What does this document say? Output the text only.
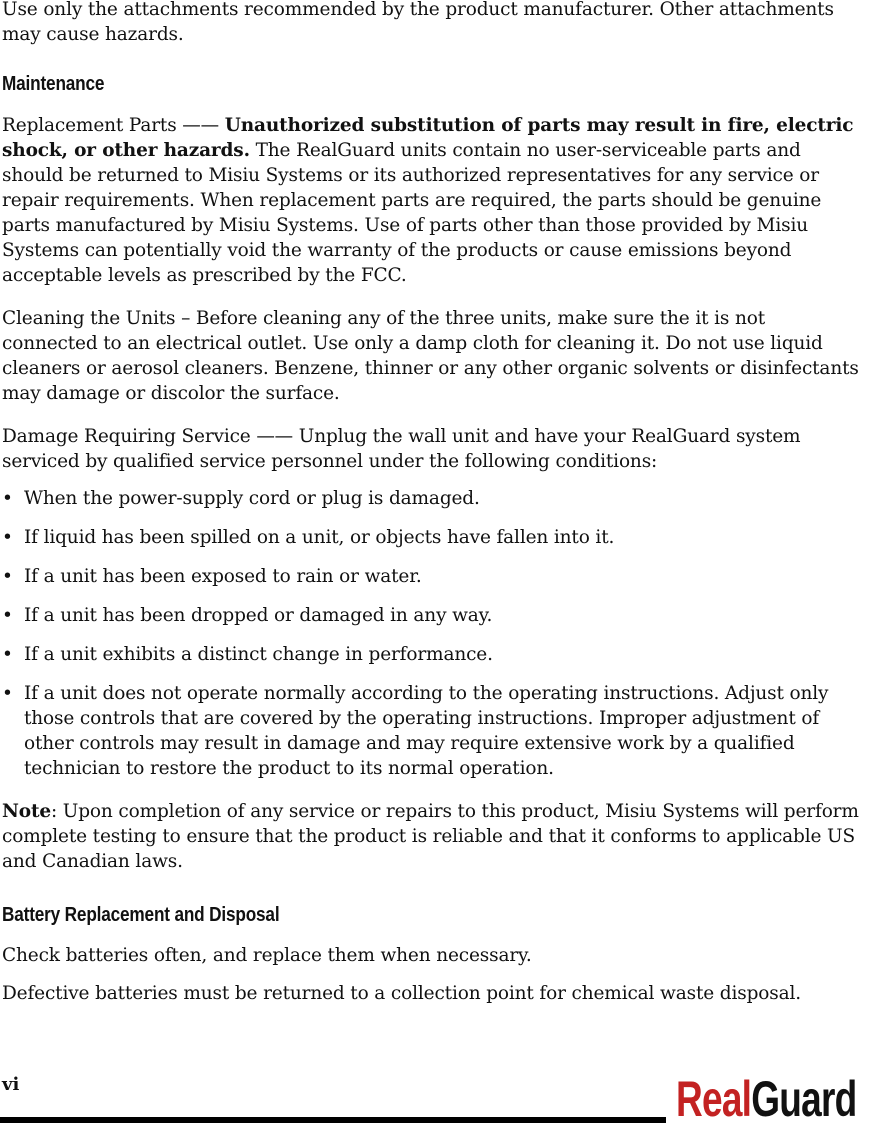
Use only the attachments recommended by the product manufacturer. Other attachments may cause hazards.

Maintenance

Replacement Parts —— Unauthorized substitution of parts may result in fire, electric shock, or other hazards. The RealGuard units contain no user-serviceable parts and should be returned to Misiu Systems or its authorized representatives for any service or repair requirements. When replacement parts are required, the parts should be genuine parts manufactured by Misiu Systems. Use of parts other than those provided by Misiu Systems can potentially void the warranty of the products or cause emissions beyond acceptable levels as prescribed by the FCC.

Cleaning the Units – Before cleaning any of the three units, make sure the it is not connected to an electrical outlet. Use only a damp cloth for cleaning it. Do not use liquid cleaners or aerosol cleaners. Benzene, thinner or any other organic solvents or disinfectants may damage or discolor the surface.

Damage Requiring Service —— Unplug the wall unit and have your RealGuard system serviced by qualified service personnel under the following conditions:

• When the power-supply cord or plug is damaged.
• If liquid has been spilled on a unit, or objects have fallen into it.
• If a unit has been exposed to rain or water.
• If a unit has been dropped or damaged in any way.
• If a unit exhibits a distinct change in performance.
• If a unit does not operate normally according to the operating instructions. Adjust only those controls that are covered by the operating instructions. Improper adjustment of other controls may result in damage and may require extensive work by a qualified technician to restore the product to its normal operation.

Note: Upon completion of any service or repairs to this product, Misiu Systems will perform complete testing to ensure that the product is reliable and that it conforms to applicable US and Canadian laws.

Battery Replacement and Disposal

Check batteries often, and replace them when necessary.

Defective batteries must be returned to a collection point for chemical waste disposal.

vi	RealGuard
